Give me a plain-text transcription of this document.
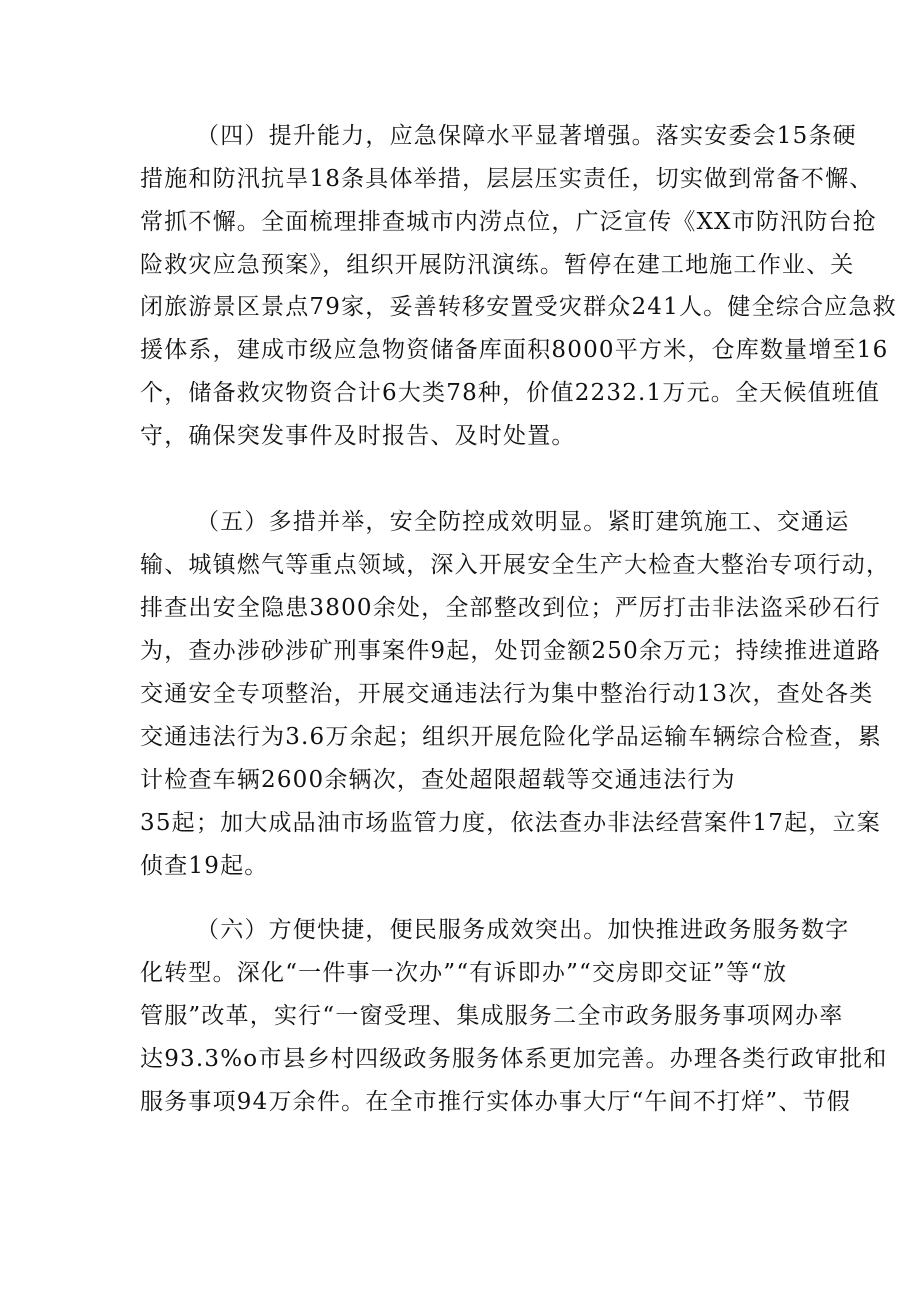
（四）提升能力，应急保障水平显著增强。落实安委会15条硬
措施和防汛抗旱18条具体举措，层层压实责任，切实做到常备不懈、
常抓不懈。全面梳理排查城市内涝点位，广泛宣传《XX市防汛防台抢
险救灾应急预案》，组织开展防汛演练。暂停在建工地施工作业、关
闭旅游景区景点79家，妥善转移安置受灾群众241人。健全综合应急救
援体系，建成市级应急物资储备库面积8000平方米，仓库数量增至16
个，储备救灾物资合计6大类78种，价值2232.1万元。全天候值班值
守，确保突发事件及时报告、及时处置。
（五）多措并举，安全防控成效明显。紧盯建筑施工、交通运
输、城镇燃气等重点领域，深入开展安全生产大检查大整治专项行动，
排查出安全隐患3800余处，全部整改到位；严厉打击非法盗采砂石行
为，查办涉砂涉矿刑事案件9起，处罚金额250余万元；持续推进道路
交通安全专项整治，开展交通违法行为集中整治行动13次，查处各类
交通违法行为3.6万余起；组织开展危险化学品运输车辆综合检查，累
计检查车辆2600余辆次，查处超限超载等交通违法行为
35起；加大成品油市场监管力度，依法查办非法经营案件17起，立案
侦查19起。
（六）方便快捷，便民服务成效突出。加快推进政务服务数字
化转型。深化“一件事一次办”“有诉即办”“交房即交证”等“放
管服”改革，实行“一窗受理、集成服务二全市政务服务事项网办率
达93.3%o市县乡村四级政务服务体系更加完善。办理各类行政审批和
服务事项94万余件。在全市推行实体办事大厅“午间不打烊”、节假
